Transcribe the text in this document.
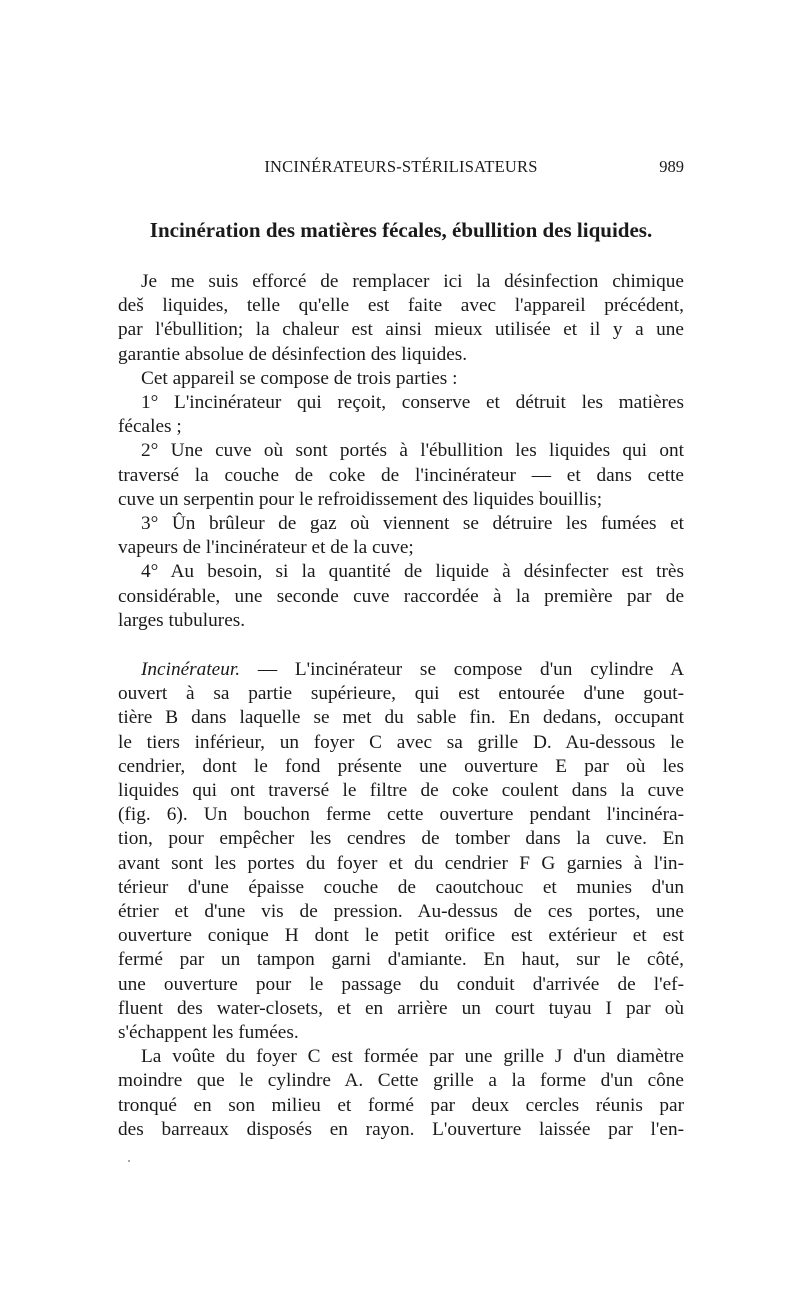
INCINÉRATEURS-STÉRILISATEURS	989
Incinération des matières fécales, ébullition des liquides.
Je me suis efforcé de remplacer ici la désinfection chimique
deš liquides, telle qu'elle est faite avec l'appareil précédent,
par l'ébullition; la chaleur est ainsi mieux utilisée et il y a une
garantie absolue de désinfection des liquides.
Cet appareil se compose de trois parties :
1° L'incinérateur qui reçoit, conserve et détruit les matières
fécales ;
2° Une cuve où sont portés à l'ébullition les liquides qui ont
traversé la couche de coke de l'incinérateur — et dans cette
cuve un serpentin pour le refroidissement des liquides bouillis;
3° Ûn brûleur de gaz où viennent se détruire les fumées et
vapeurs de l'incinérateur et de la cuve;
4° Au besoin, si la quantité de liquide à désinfecter est très
considérable, une seconde cuve raccordée à la première par de
larges tubulures.
Incinérateur. — L'incinérateur se compose d'un cylindre A
ouvert à sa partie supérieure, qui est entourée d'une gout-
tière B dans laquelle se met du sable fin. En dedans, occupant
le tiers inférieur, un foyer C avec sa grille D. Au-dessous le
cendrier, dont le fond présente une ouverture E par où les
liquides qui ont traversé le filtre de coke coulent dans la cuve
(fig. 6). Un bouchon ferme cette ouverture pendant l'incinéra-
tion, pour empêcher les cendres de tomber dans la cuve. En
avant sont les portes du foyer et du cendrier F G garnies à l'in-
térieur d'une épaisse couche de caoutchouc et munies d'un
étrier et d'une vis de pression. Au-dessus de ces portes, une
ouverture conique H dont le petit orifice est extérieur et est
fermé par un tampon garni d'amiante. En haut, sur le côté,
une ouverture pour le passage du conduit d'arrivée de l'ef-
fluent des water-closets, et en arrière un court tuyau I par où
s'échappent les fumées.
La voûte du foyer C est formée par une grille J d'un diamètre
moindre que le cylindre A. Cette grille a la forme d'un cône
tronqué en son milieu et formé par deux cercles réunis par
des barreaux disposés en rayon. L'ouverture laissée par l'en-
